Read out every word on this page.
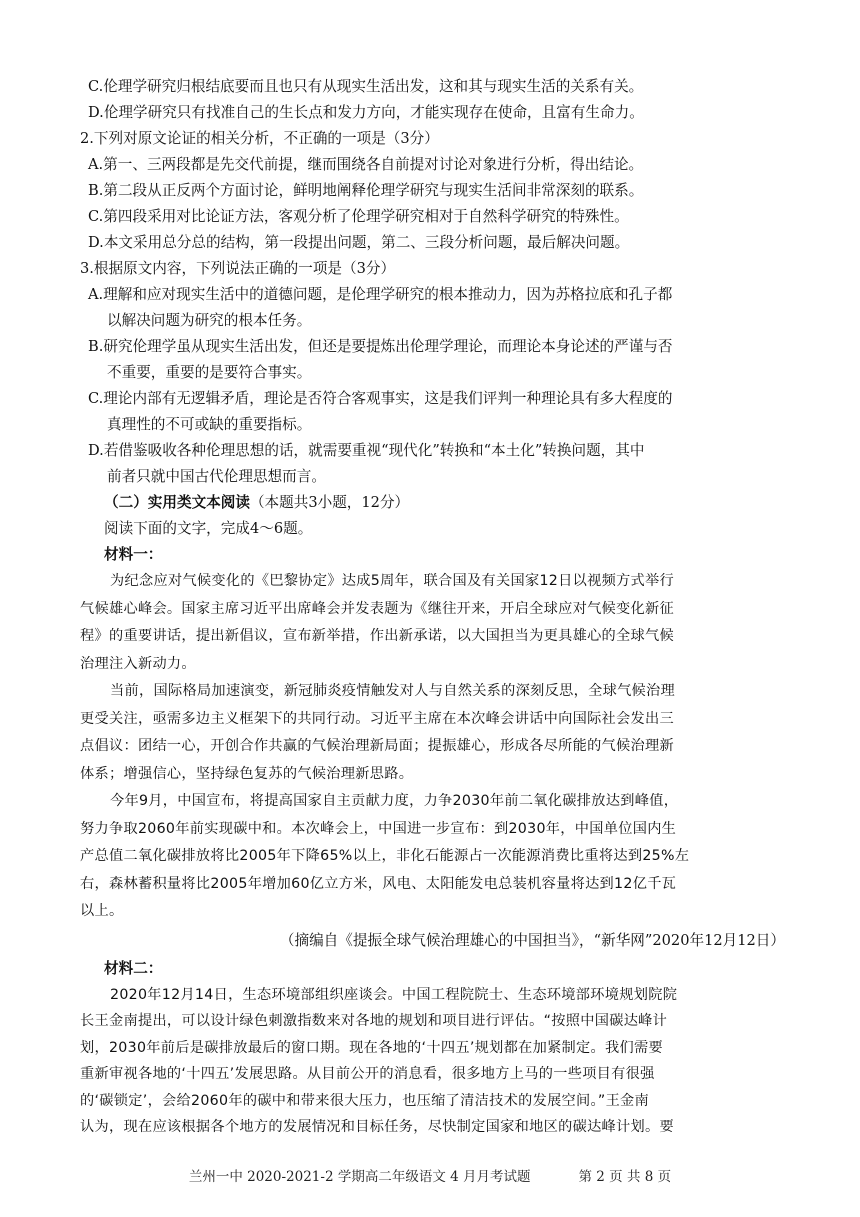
C.伦理学研究归根结底要而且也只有从现实生活出发，这和其与现实生活的关系有关。
D.伦理学研究只有找准自己的生长点和发力方向，才能实现存在使命，且富有生命力。
2.下列对原文论证的相关分析，不正确的一项是（3分）
A.第一、三两段都是先交代前提，继而围绕各自前提对讨论对象进行分析，得出结论。
B.第二段从正反两个方面讨论，鲜明地阐释伦理学研究与现实生活间非常深刻的联系。
C.第四段采用对比论证方法，客观分析了伦理学研究相对于自然科学研究的特殊性。
D.本文采用总分总的结构，第一段提出问题，第二、三段分析问题，最后解决问题。
3.根据原文内容，下列说法正确的一项是（3分）
A.理解和应对现实生活中的道德问题，是伦理学研究的根本推动力，因为苏格拉底和孔子都
以解决问题为研究的根本任务。
B.研究伦理学虽从现实生活出发，但还是要提炼出伦理学理论，而理论本身论述的严谨与否
不重要，重要的是要符合事实。
C.理论内部有无逻辑矛盾，理论是否符合客观事实，这是我们评判一种理论具有多大程度的
真理性的不可或缺的重要指标。
D.若借鉴吸收各种伦理思想的话，就需要重视“现代化”转换和“本土化”转换问题，其中
前者只就中国古代伦理思想而言。
（二）实用类文本阅读（本题共3小题，12分）
阅读下面的文字，完成4～6题。
材料一：
为纪念应对气候变化的《巴黎协定》达成5周年，联合国及有关国家12日以视频方式举行
气候雄心峰会。国家主席习近平出席峰会并发表题为《继往开来，开启全球应对气候变化新征
程》的重要讲话，提出新倡议，宣布新举措，作出新承诺，以大国担当为更具雄心的全球气候
治理注入新动力。
当前，国际格局加速演变，新冠肺炎疫情触发对人与自然关系的深刻反思，全球气候治理
更受关注，亟需多边主义框架下的共同行动。习近平主席在本次峰会讲话中向国际社会发出三
点倡议：团结一心，开创合作共赢的气候治理新局面；提振雄心，形成各尽所能的气候治理新
体系；增强信心，坚持绿色复苏的气候治理新思路。
今年9月，中国宣布，将提高国家自主贡献力度，力争2030年前二氧化碳排放达到峰值，
努力争取2060年前实现碳中和。本次峰会上，中国进一步宣布：到2030年，中国单位国内生
产总值二氧化碳排放将比2005年下降65%以上，非化石能源占一次能源消费比重将达到25%左
右，森林蓄积量将比2005年增加60亿立方米，风电、太阳能发电总装机容量将达到12亿千瓦
以上。
（摘编自《提振全球气候治理雄心的中国担当》，“新华网”2020年12月12日）
材料二：
2020年12月14日，生态环境部组织座谈会。中国工程院院士、生态环境部环境规划院院
长王金南提出，可以设计绿色刺激指数来对各地的规划和项目进行评估。“按照中国碳达峰计
划，2030年前后是碳排放最后的窗口期。现在各地的‘十四五’规划都在加紧制定。我们需要
重新审视各地的‘十四五’发展思路。从目前公开的消息看，很多地方上马的一些项目有很强
的‘碳锁定’，会给2060年的碳中和带来很大压力，也压缩了清洁技术的发展空间。”王金南
认为，现在应该根据各个地方的发展情况和目标任务，尽快制定国家和地区的碳达峰计划。要
兰州一中 2020-2021-2 学期高二年级语文 4 月月考试题	第 2 页 共 8 页
